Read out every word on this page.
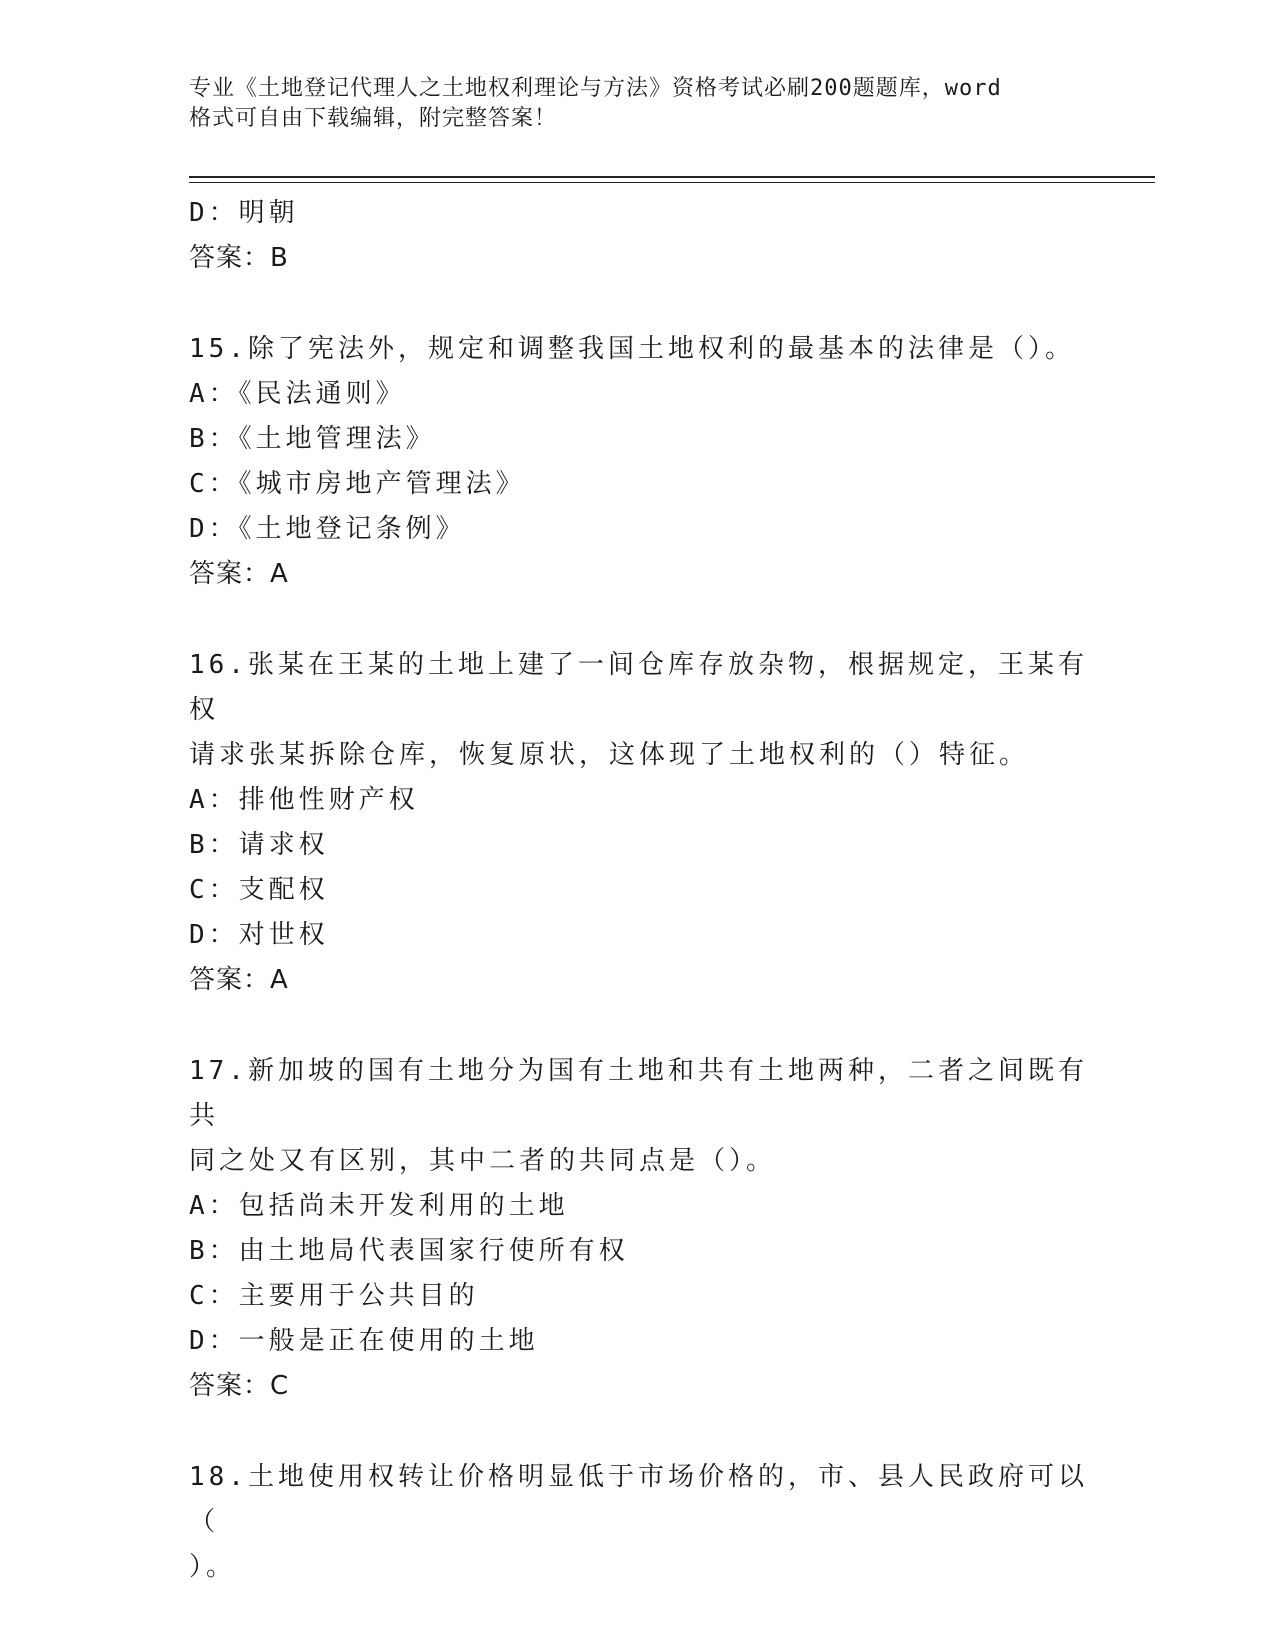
专业《土地登记代理人之土地权利理论与方法》资格考试必刷200题题库，word
格式可自由下载编辑，附完整答案！
D：明朝
答案：B
15.除了宪法外，规定和调整我国土地权利的最基本的法律是（）。
A：《民法通则》
B：《土地管理法》
C：《城市房地产管理法》
D：《土地登记条例》
答案：A
16.张某在王某的土地上建了一间仓库存放杂物，根据规定，王某有权
请求张某拆除仓库，恢复原状，这体现了土地权利的（）特征。
A：排他性财产权
B：请求权
C：支配权
D：对世权
答案：A
17.新加坡的国有土地分为国有土地和共有土地两种，二者之间既有共
同之处又有区别，其中二者的共同点是（）。
A：包括尚未开发利用的土地
B：由土地局代表国家行使所有权
C：主要用于公共目的
D：一般是正在使用的土地
答案：C
18.土地使用权转让价格明显低于市场价格的，市、县人民政府可以（
）。
